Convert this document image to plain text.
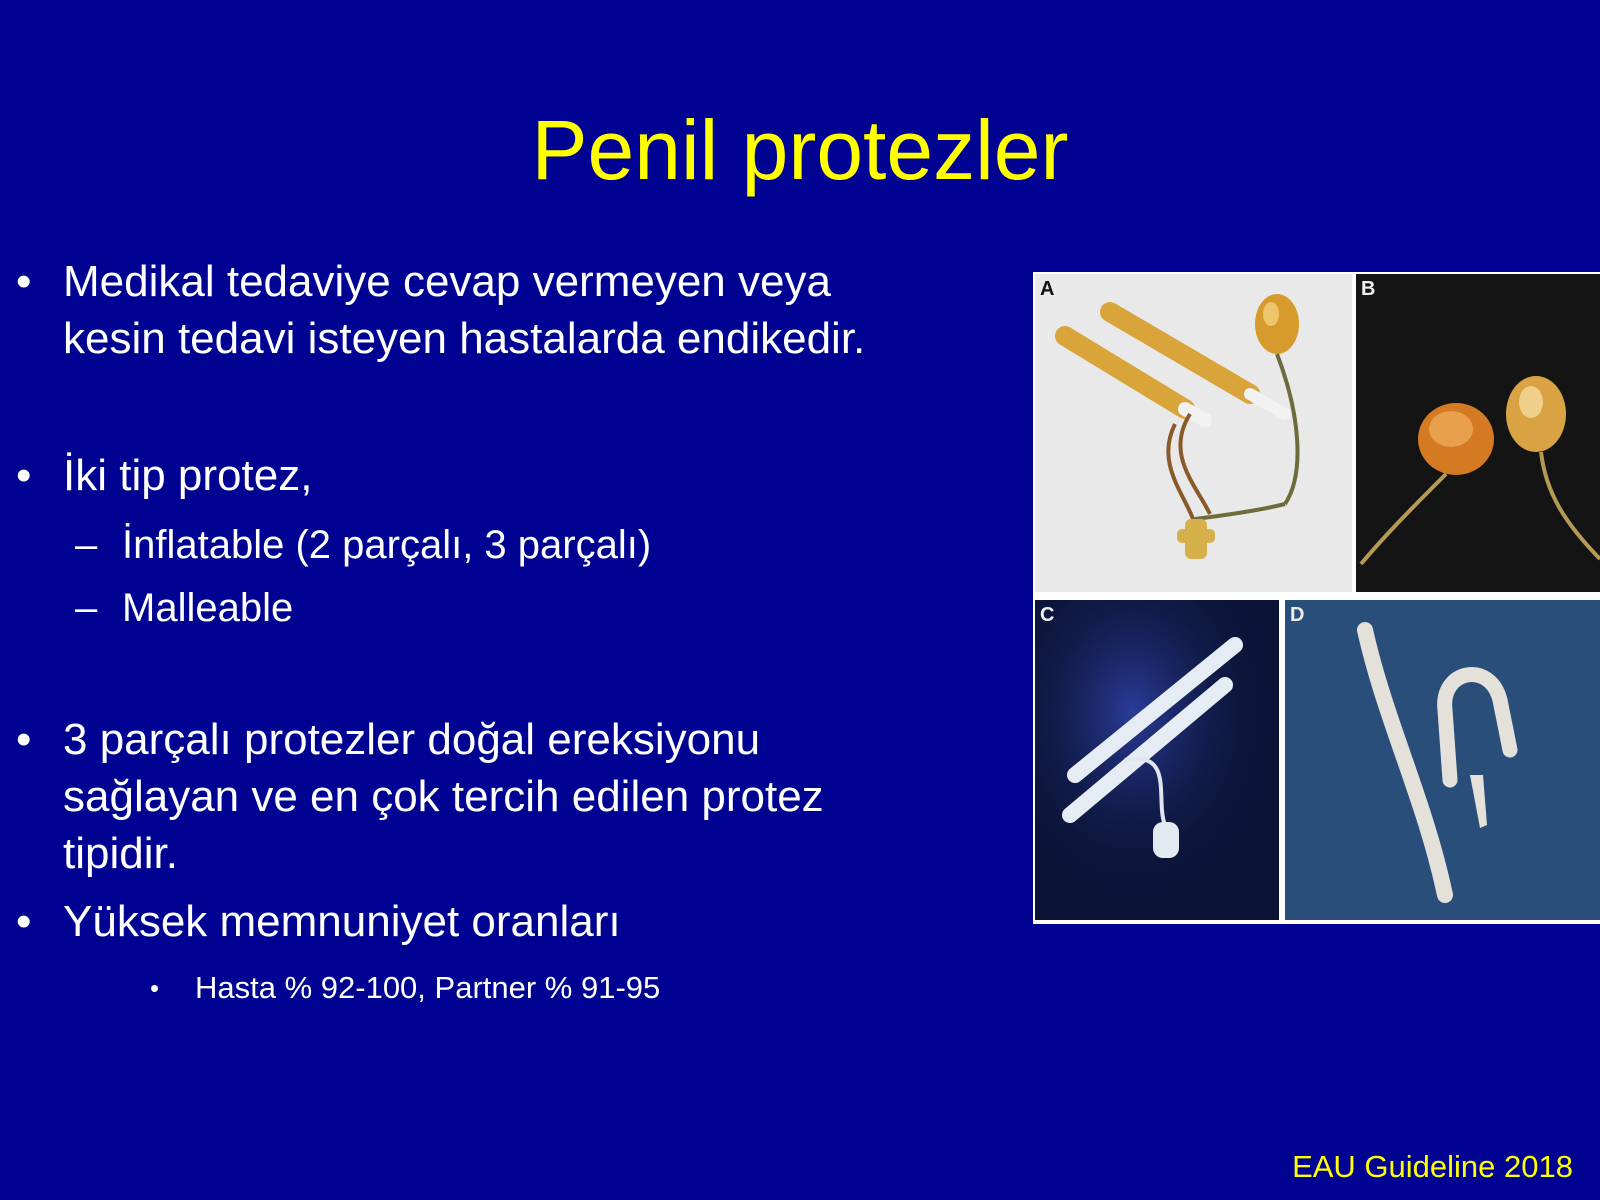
Penil protezler
• Medikal tedaviye cevap vermeyen veya
kesin tedavi isteyen hastalarda endikedir.
• İki tip protez,
– İnflatable (2 parçalı, 3 parçalı)
– Malleable
• 3 parçalı protezler doğal ereksiyonu
sağlayan ve en çok tercih edilen protez
tipidir.
• Yüksek memnuniyet oranları
• Hasta % 92-100, Partner % 91-95
A	B
C	D
EAU Guideline 2018
